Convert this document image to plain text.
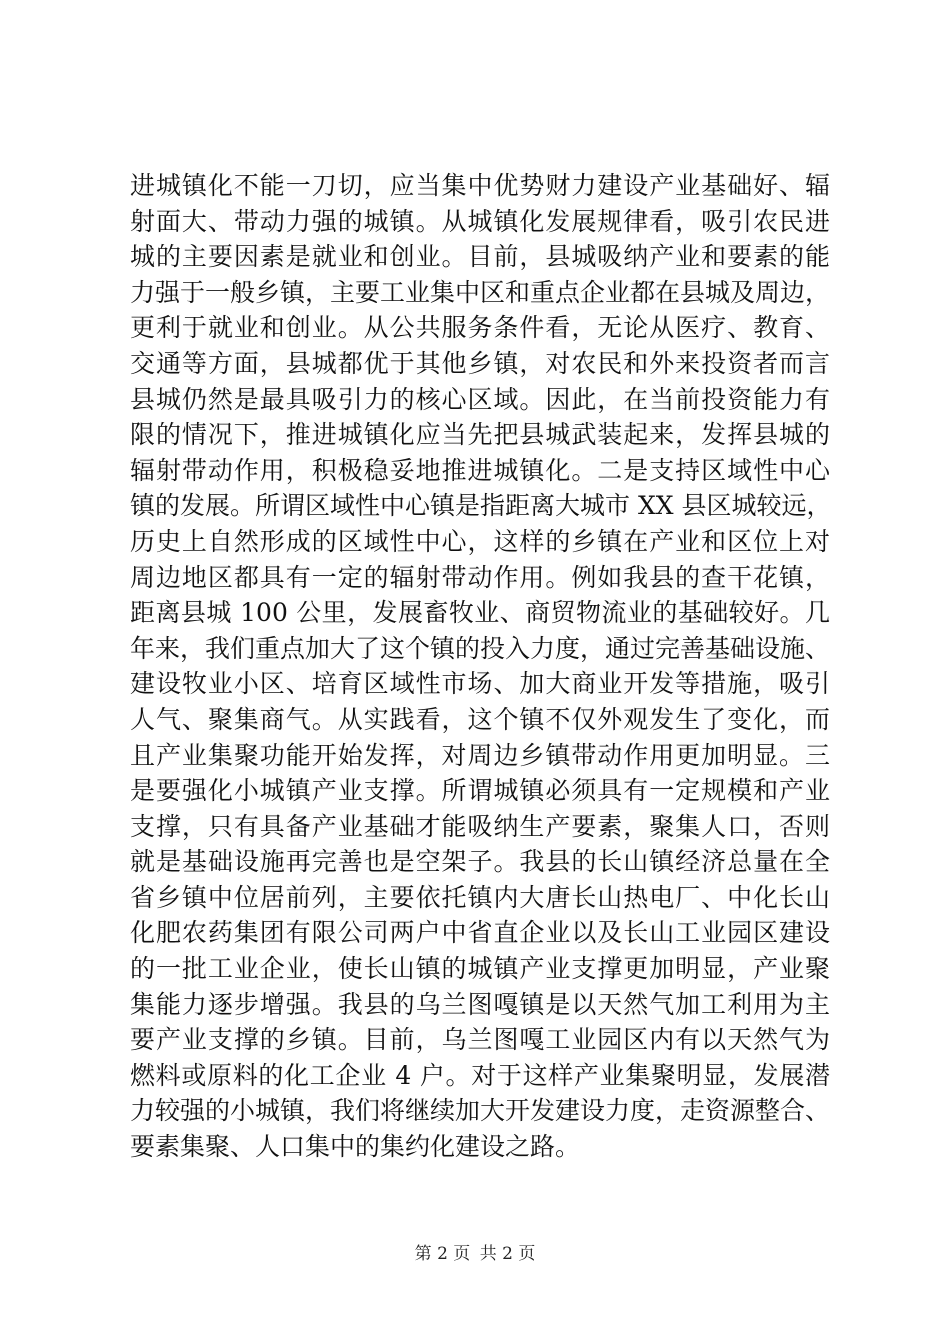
进城镇化不能一刀切，应当集中优势财力建设产业基础好、辐
射面大、带动力强的城镇。从城镇化发展规律看，吸引农民进
城的主要因素是就业和创业。目前，县城吸纳产业和要素的能
力强于一般乡镇，主要工业集中区和重点企业都在县城及周边，
更利于就业和创业。从公共服务条件看，无论从医疗、教育、
交通等方面，县城都优于其他乡镇，对农民和外来投资者而言
县城仍然是最具吸引力的核心区域。因此，在当前投资能力有
限的情况下，推进城镇化应当先把县城武装起来，发挥县城的
辐射带动作用，积极稳妥地推进城镇化。二是支持区域性中心
镇的发展。所谓区域性中心镇是指距离大城市 XX 县区城较远，
历史上自然形成的区域性中心，这样的乡镇在产业和区位上对
周边地区都具有一定的辐射带动作用。例如我县的查干花镇，
距离县城 100 公里，发展畜牧业、商贸物流业的基础较好。几
年来，我们重点加大了这个镇的投入力度，通过完善基础设施、
建设牧业小区、培育区域性市场、加大商业开发等措施，吸引
人气、聚集商气。从实践看，这个镇不仅外观发生了变化，而
且产业集聚功能开始发挥，对周边乡镇带动作用更加明显。三
是要强化小城镇产业支撑。所谓城镇必须具有一定规模和产业
支撑，只有具备产业基础才能吸纳生产要素，聚集人口，否则
就是基础设施再完善也是空架子。我县的长山镇经济总量在全
省乡镇中位居前列，主要依托镇内大唐长山热电厂、中化长山
化肥农药集团有限公司两户中省直企业以及长山工业园区建设
的一批工业企业，使长山镇的城镇产业支撑更加明显，产业聚
集能力逐步增强。我县的乌兰图嘎镇是以天然气加工利用为主
要产业支撑的乡镇。目前，乌兰图嘎工业园区内有以天然气为
燃料或原料的化工企业 4 户。对于这样产业集聚明显，发展潜
力较强的小城镇，我们将继续加大开发建设力度，走资源整合、
要素集聚、人口集中的集约化建设之路。
第 2 页 共 2 页
